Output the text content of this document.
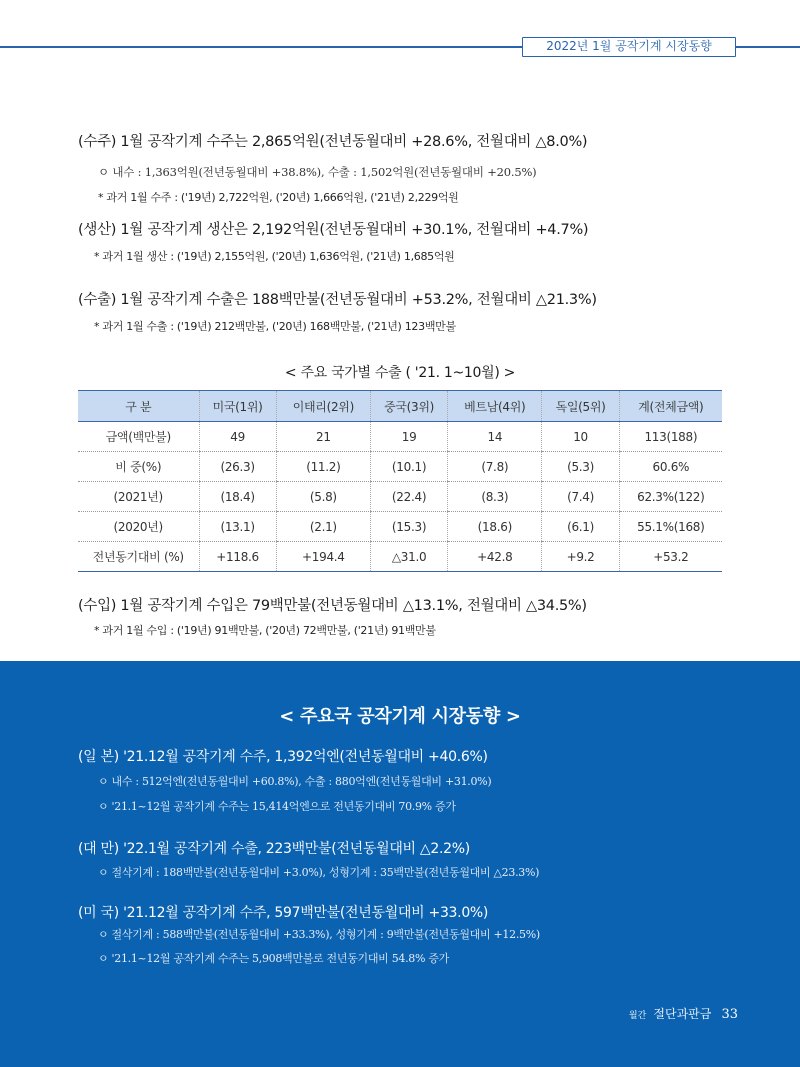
2022년 1월 공작기계 시장동향
(수주) 1월 공작기계 수주는 2,865억원(전년동월대비 +28.6%, 전월대비 △8.0%)
ㅇ 내수 : 1,363억원(전년동월대비 +38.8%), 수출 : 1,502억원(전년동월대비 +20.5%)
* 과거 1월 수주 : ('19년) 2,722억원, ('20년) 1,666억원, ('21년) 2,229억원
(생산) 1월 공작기계 생산은 2,192억원(전년동월대비 +30.1%, 전월대비 +4.7%)
* 과거 1월 생산 : ('19년) 2,155억원, ('20년) 1,636억원, ('21년) 1,685억원
(수출) 1월 공작기계 수출은 188백만불(전년동월대비 +53.2%, 전월대비 △21.3%)
* 과거 1월 수출 : ('19년) 212백만불, ('20년) 168백만불, ('21년) 123백만불
< 주요 국가별 수출 ( '21. 1~10월) >
구 분	미국(1위)	이태리(2위)	중국(3위)	베트남(4위)	독일(5위)	계(전체금액)
금액(백만불)	49	21	19	14	10	113(188)
비 중(%)	(26.3)	(11.2)	(10.1)	(7.8)	(5.3)	60.6%
(2021년)	(18.4)	(5.8)	(22.4)	(8.3)	(7.4)	62.3%(122)
(2020년)	(13.1)	(2.1)	(15.3)	(18.6)	(6.1)	55.1%(168)
전년동기대비 (%)	+118.6	+194.4	△31.0	+42.8	+9.2	+53.2
(수입) 1월 공작기계 수입은 79백만불(전년동월대비 △13.1%, 전월대비 △34.5%)
* 과거 1월 수입 : ('19년) 91백만불, ('20년) 72백만불, ('21년) 91백만불
< 주요국 공작기계 시장동향 >
(일 본) '21.12월 공작기계 수주, 1,392억엔(전년동월대비 +40.6%)
ㅇ 내수 : 512억엔(전년동월대비 +60.8%), 수출 : 880억엔(전년동월대비 +31.0%)
ㅇ '21.1~12월 공작기계 수주는 15,414억엔으로 전년동기대비 70.9% 증가
(대 만) '22.1월 공작기계 수출, 223백만불(전년동월대비 △2.2%)
ㅇ 절삭기계 : 188백만불(전년동월대비 +3.0%), 성형기계 : 35백만불(전년동월대비 △23.3%)
(미 국) '21.12월 공작기계 수주, 597백만불(전년동월대비 +33.0%)
ㅇ 절삭기계 : 588백만불(전년동월대비 +33.3%), 성형기계 : 9백만불(전년동월대비 +12.5%)
ㅇ '21.1~12월 공작기계 수주는 5,908백만불로 전년동기대비 54.8% 증가
월간 절단과판금 33
